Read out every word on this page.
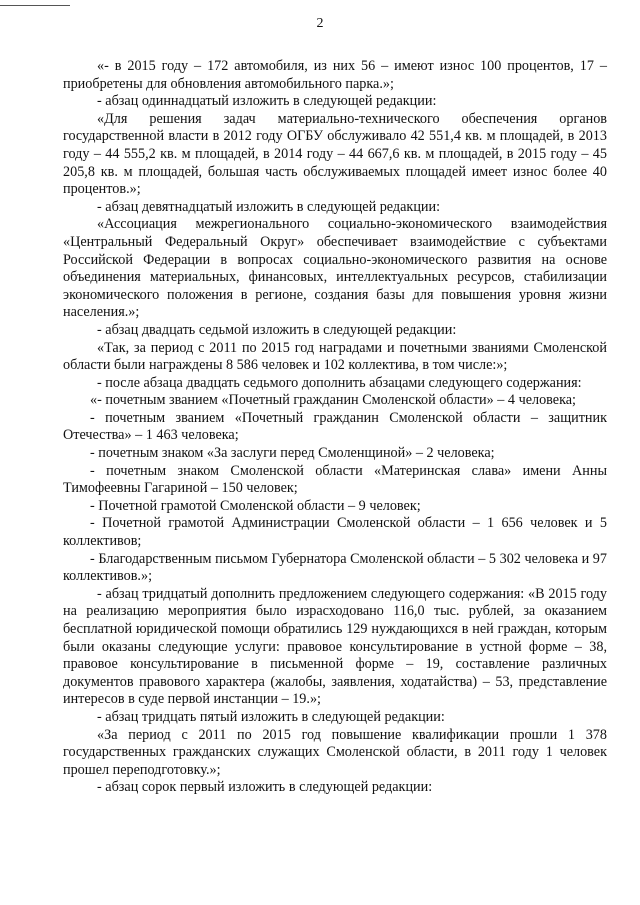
2

«- в 2015 году – 172 автомобиля, из них 56 – имеют износ 100 процентов, 17 – приобретены для обновления автомобильного парка.»;

- абзац одиннадцатый изложить в следующей редакции:

«Для решения задач материально-технического обеспечения органов государственной власти в 2012 году ОГБУ обслуживало 42 551,4 кв. м площадей, в 2013 году – 44 555,2 кв. м площадей, в 2014 году – 44 667,6 кв. м площадей, в 2015 году – 45 205,8 кв. м площадей, большая часть обслуживаемых площадей имеет износ более 40 процентов.»;

- абзац девятнадцатый изложить в следующей редакции:

«Ассоциация межрегионального социально-экономического взаимодействия «Центральный Федеральный Округ» обеспечивает взаимодействие с субъектами Российской Федерации в вопросах социально-экономического развития на основе объединения материальных, финансовых, интеллектуальных ресурсов, стабилизации экономического положения в регионе, создания базы для повышения уровня жизни населения.»;

- абзац двадцать седьмой изложить в следующей редакции:

«Так, за период с 2011 по 2015 год наградами и почетными званиями Смоленской области были награждены 8 586 человек и 102 коллектива, в том числе:»;

- после абзаца двадцать седьмого дополнить абзацами следующего содержания:

«- почетным званием «Почетный гражданин Смоленской области» – 4 человека;

- почетным званием «Почетный гражданин Смоленской области – защитник Отечества» – 1 463 человека;

- почетным знаком «За заслуги перед Смоленщиной» – 2 человека;

- почетным знаком Смоленской области «Материнская слава» имени Анны Тимофеевны Гагариной – 150 человек;

- Почетной грамотой Смоленской области – 9 человек;

- Почетной грамотой Администрации Смоленской области – 1 656 человек и 5 коллективов;

- Благодарственным письмом Губернатора Смоленской области – 5 302 человека и 97 коллективов.»;

- абзац тридцатый дополнить предложением следующего содержания: «В 2015 году на реализацию мероприятия было израсходовано 116,0 тыс. рублей, за оказанием бесплатной юридической помощи обратились 129 нуждающихся в ней граждан, которым были оказаны следующие услуги: правовое консультирование в устной форме – 38, правовое консультирование в письменной форме – 19, составление различных документов правового характера (жалобы, заявления, ходатайства) – 53, представление интересов в суде первой инстанции – 19.»;

- абзац тридцать пятый изложить в следующей редакции:

«За период с 2011 по 2015 год повышение квалификации прошли 1 378 государственных гражданских служащих Смоленской области, в 2011 году 1 человек прошел переподготовку.»;

- абзац сорок первый изложить в следующей редакции:
